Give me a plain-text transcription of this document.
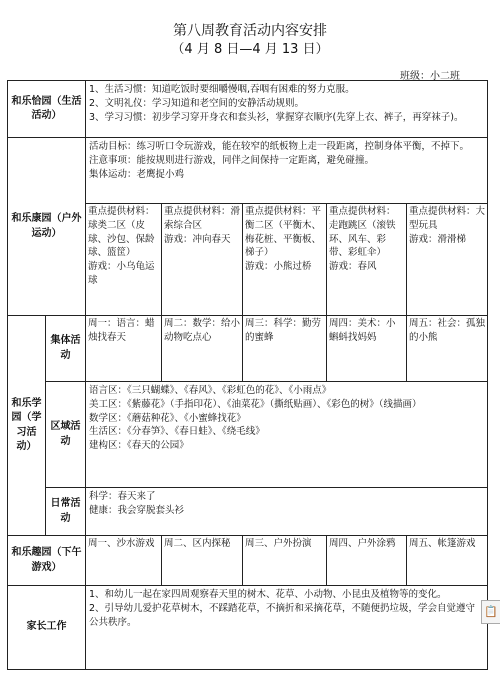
第八周教育活动内容安排
（4 月 8 日—4 月 13 日）
班级：小二班
和乐恰园（生活活动）		1、生活习惯：知道吃饭时要细嚼慢咽,吞咽有困难的努力克服。
2、文明礼仪：学习知道和老空间的安静活动规则。
3、学习习惯：初步学习穿开身衣和套头衫，掌握穿衣顺序(先穿上衣、裤子，再穿袜子)。				

和乐康园（户外运动）		活动目标：练习听口令玩游戏，能在较窄的纸板物上走一段距离，控制身体平衡，不掉下。
注意事项：能按规则进行游戏，同伴之间保持一定距离，避免碰撞。
集体运动：老鹰捉小鸡				

		重点提供材料：球类二区（皮球、沙包、保龄球、篮筐）
游戏：小乌龟运球	重点提供材料：滑索综合区
游戏：冲向春天	重点提供材料：平衡二区（平衡木、梅花桩、平衡板、梯子）
游戏：小熊过桥	重点提供材料：走跑跳区（滚铁环、风车、彩带、彩虹伞）
游戏：春风	重点提供材料：大型玩具
游戏：滑滑梯

和乐学园（学习活动）	集体活动	周一：语言：蜡烛找春天	周二：数学：给小动物吃点心	周三：科学：勤劳的蜜蜂	周四：美术：小蝌蚪找妈妈	周五：社会：孤独的小熊
	区域活动	语言区：《三只蝴蝶》、《春风》、《彩虹色的花》、《小雨点》
美工区：《紫藤花》（手指印花）、《油菜花》（撕纸贴画）、《彩色的树》（线描画）
数学区：《蘑菇种花》、《小蜜蜂找花》
生活区：《分春笋》、《春日蛙》、《绕毛线》
建构区：《春天的公园》				

	日常活动	科学：春天来了
健康：我会穿脱套头衫				

和乐趣园（下午游戏）		周一、沙水游戏	周二、区内探秘	周三、户外扮演	周四、户外涂鸦	周五、帐篷游戏
家长工作		1、和幼儿一起在家四周观察春天里的树木、花草、小动物、小昆虫及植物等的变化。
2、引导幼儿爱护花草树木，不踩踏花草，不摘折和采摘花草，不随便扔垃圾，学会自觉遵守公共秩序。				
📋
